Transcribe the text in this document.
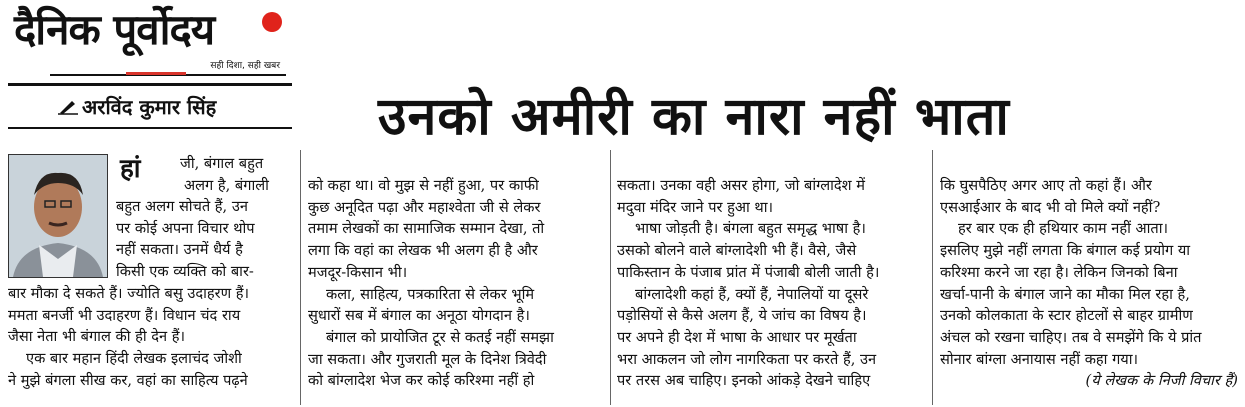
दैनिक पूर्वोदय
सही दिशा, सही खबर
अरविंद कुमार सिंह	उनको अमीरी का नारा नहीं भाता
हां	जी, बंगाल बहुत
अलग है, बंगाली
बहुत अलग सोचते हैं, उन
पर कोई अपना विचार थोप
नहीं सकता। उनमें धैर्य है
किसी एक व्यक्ति को बार-
बार मौका दे सकते हैं। ज्योति बसु उदाहरण हैं।
ममता बनर्जी भी उदाहरण हैं। विधान चंद राय
जैसा नेता भी बंगाल की ही देन हैं।
एक बार महान हिंदी लेखक इलाचंद जोशी
ने मुझे बंगला सीख कर, वहां का साहित्य पढ़ने
को कहा था। वो मुझ से नहीं हुआ, पर काफी
कुछ अनूदित पढ़ा और महाश्वेता जी से लेकर
तमाम लेखकों का सामाजिक सम्मान देखा, तो
लगा कि वहां का लेखक भी अलग ही है और
मजदूर-किसान भी।
कला, साहित्य, पत्रकारिता से लेकर भूमि
सुधारों सब में बंगाल का अनूठा योगदान है।
बंगाल को प्रायोजित टूर से कतई नहीं समझा
जा सकता। और गुजराती मूल के दिनेश त्रिवेदी
को बांग्लादेश भेज कर कोई करिश्मा नहीं हो
सकता। उनका वही असर होगा, जो बांग्लादेश में
मदुवा मंदिर जाने पर हुआ था।
भाषा जोड़ती है। बंगला बहुत समृद्ध भाषा है।
उसको बोलने वाले बांग्लादेशी भी हैं। वैसे, जैसे
पाकिस्तान के पंजाब प्रांत में पंजाबी बोली जाती है।
बांग्लादेशी कहां हैं, क्यों हैं, नेपालियों या दूसरे
पड़ोसियों से कैसे अलग हैं, ये जांच का विषय है।
पर अपने ही देश में भाषा के आधार पर मूर्खता
भरा आकलन जो लोग नागरिकता पर करते हैं, उन
पर तरस अब चाहिए। इनको आंकड़े देखने चाहिए
कि घुसपैठिए अगर आए तो कहां हैं। और
एसआईआर के बाद भी वो मिले क्यों नहीं?
हर बार एक ही हथियार काम नहीं आता।
इसलिए मुझे नहीं लगता कि बंगाल कई प्रयोग या
करिश्मा करने जा रहा है। लेकिन जिनको बिना
खर्चा-पानी के बंगाल जाने का मौका मिल रहा है,
उनको कोलकाता के स्टार होटलों से बाहर ग्रामीण
अंचल को रखना चाहिए। तब वे समझेंगे कि ये प्रांत
सोनार बांग्ला अनायास नहीं कहा गया।
(ये लेखक के निजी विचार हैं)
